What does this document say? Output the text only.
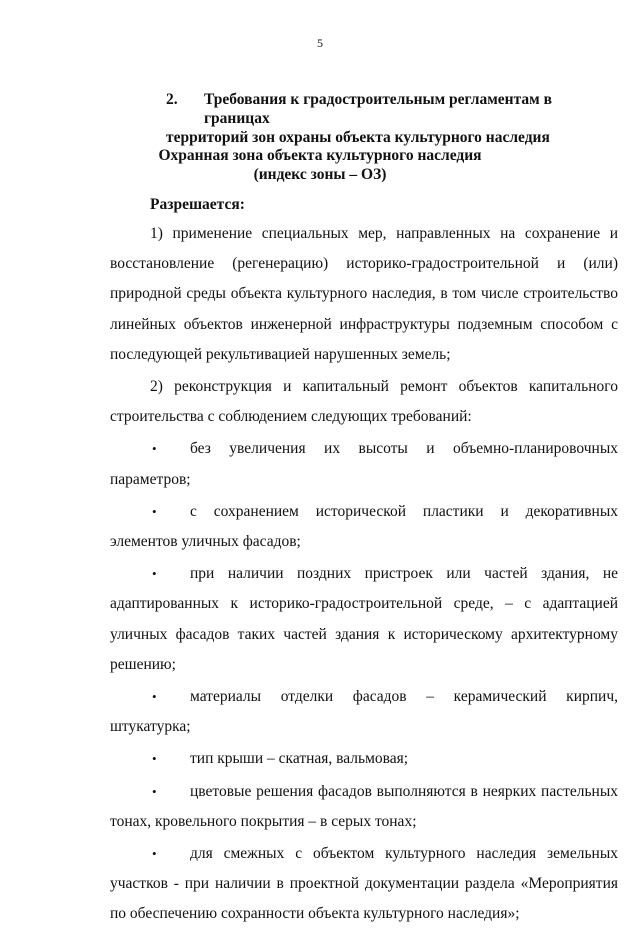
5
2.	Требования к градостроительным регламентам в границах
территорий зон охраны объекта культурного наследия
Охранная зона объекта культурного наследия
(индекс зоны – ОЗ)
Разрешается:

1) применение специальных мер, направленных на сохранение и восстановление (регенерацию) историко-градостроительной и (или) природной среды объекта культурного наследия, в том числе строительство линейных объектов инженерной инфраструктуры подземным способом с последующей рекультивацией нарушенных земель;

2) реконструкция и капитальный ремонт объектов капитального строительства с соблюдением следующих требований:

•	без увеличения их высоты и объемно-планировочных параметров;

•	с сохранением исторической пластики и декоративных элементов уличных фасадов;

•	при наличии поздних пристроек или частей здания, не адаптированных к историко-градостроительной среде, – с адаптацией уличных фасадов таких частей здания к историческому архитектурному решению;

•	материалы отделки фасадов – керамический кирпич, штукатурка;

•	тип крыши – скатная, вальмовая;

•	цветовые решения фасадов выполняются в неярких пастельных тонах, кровельного покрытия – в серых тонах;

•	для смежных с объектом культурного наследия земельных участков - при наличии в проектной документации раздела «Мероприятия по обеспечению сохранности объекта культурного наследия»;
